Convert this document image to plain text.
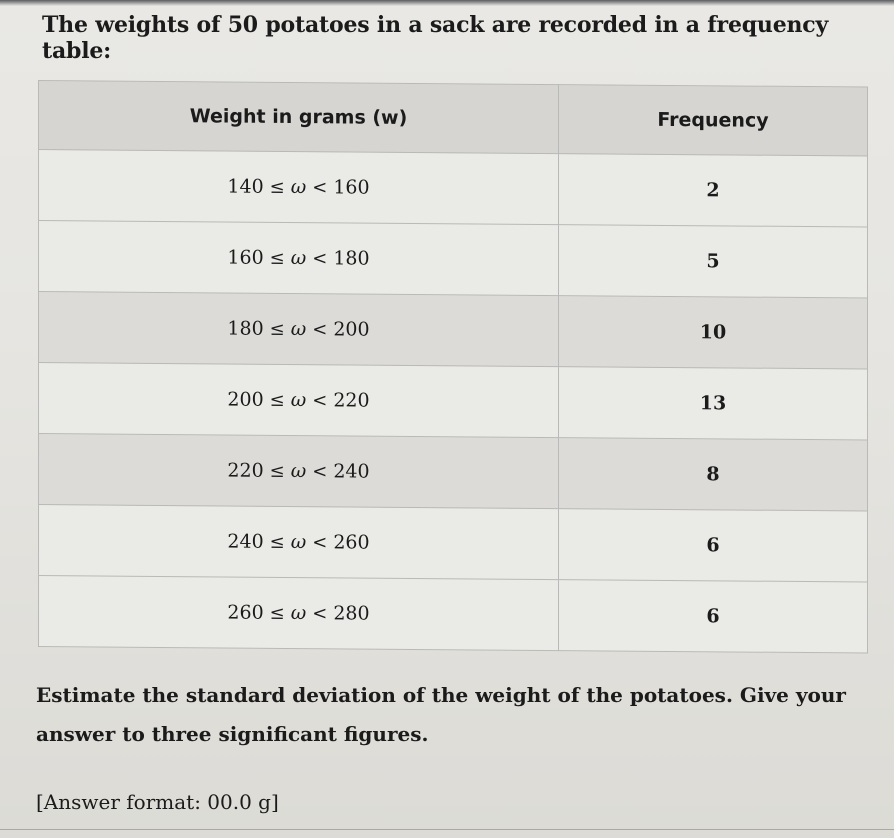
The weights of 50 potatoes in a sack are recorded in a frequency table:
Weight in grams (w)	Frequency
140 ≤ ω < 160	2
160 ≤ ω < 180	5
180 ≤ ω < 200	10
200 ≤ ω < 220	13
220 ≤ ω < 240	8
240 ≤ ω < 260	6
260 ≤ ω < 280	6
Estimate the standard deviation of the weight of the potatoes. Give your answer to three significant figures.
[Answer format: 00.0 g]
